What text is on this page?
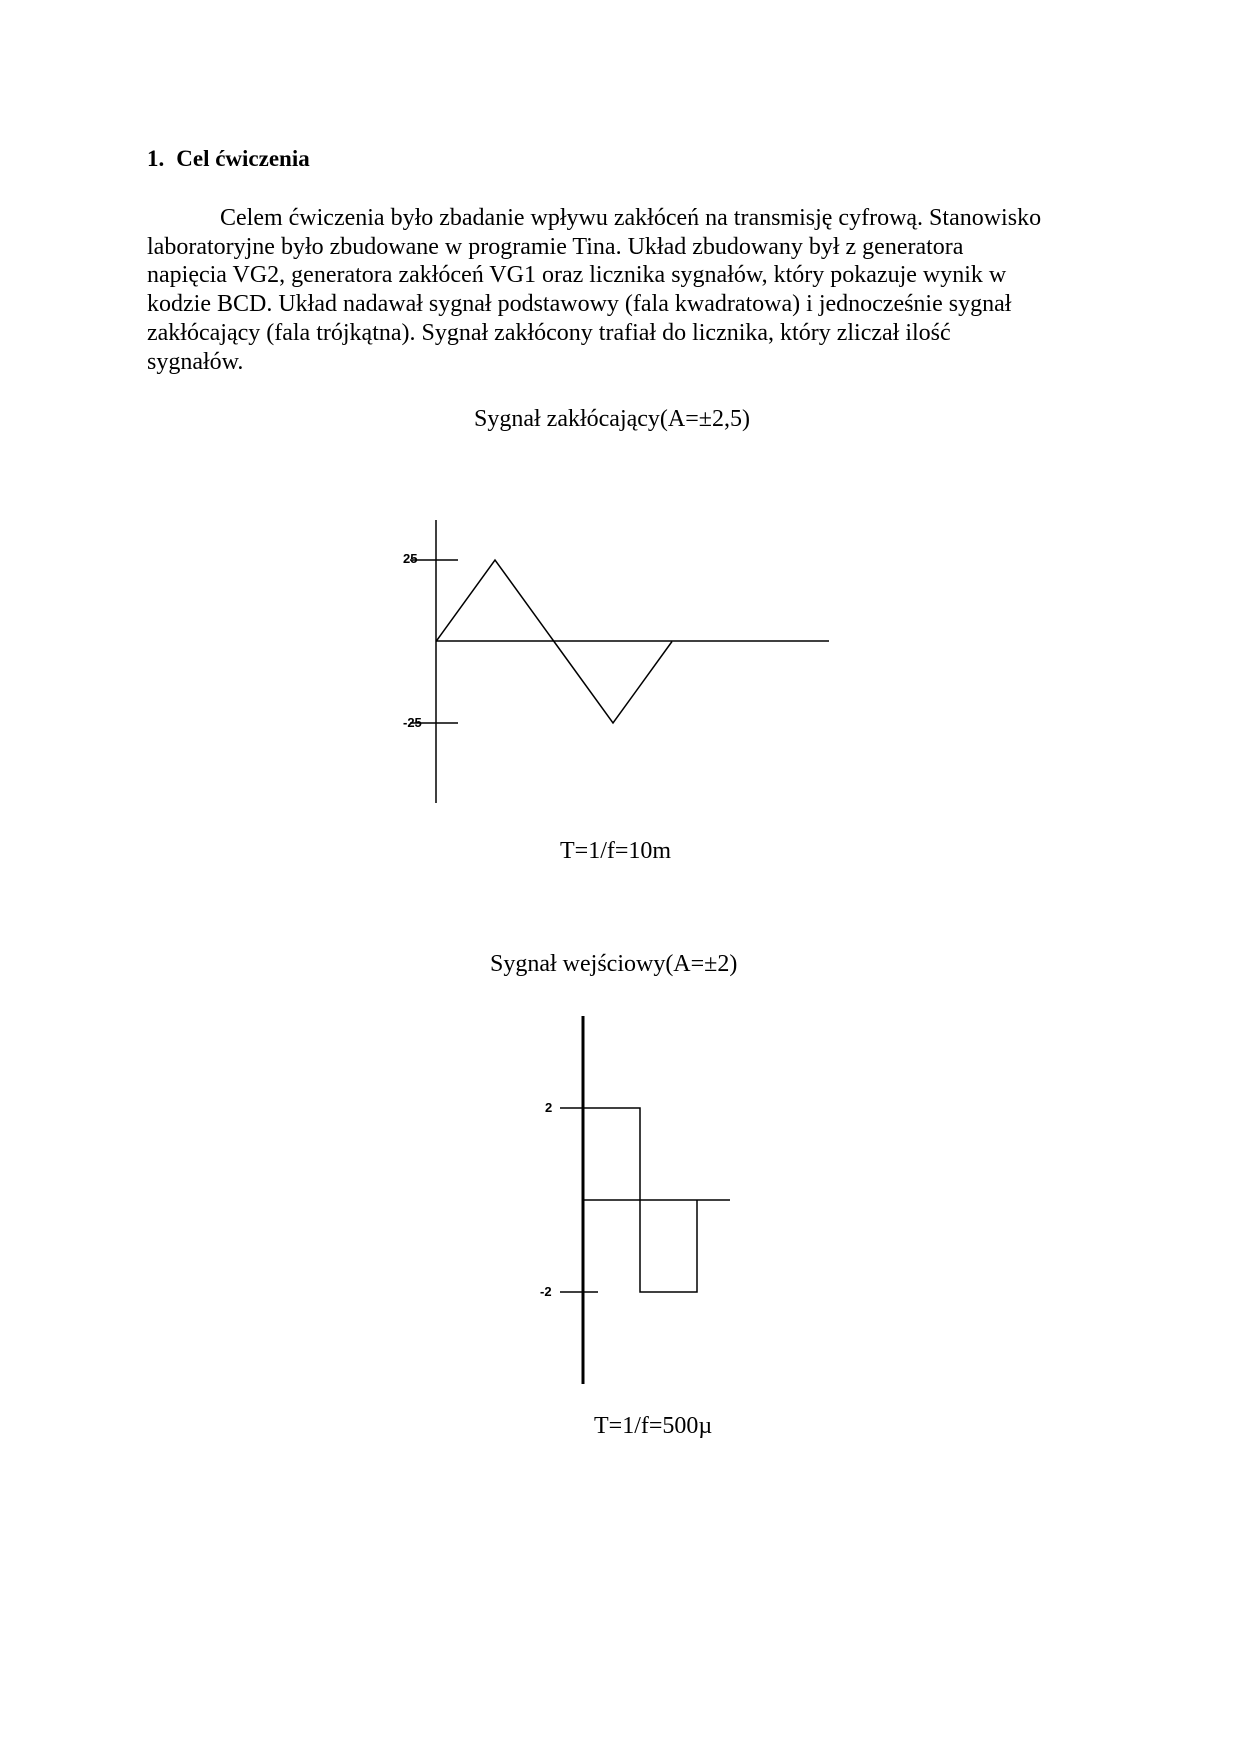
1. Cel ćwiczenia
Celem ćwiczenia było zbadanie wpływu zakłóceń na transmisję cyfrową. Stanowisko
laboratoryjne było zbudowane w programie Tina. Układ zbudowany był z generatora
napięcia VG2, generatora zakłóceń VG1 oraz licznika sygnałów, który pokazuje wynik w
kodzie BCD. Układ nadawał sygnał podstawowy (fala kwadratowa) i jednocześnie sygnał
zakłócający (fala trójkątna). Sygnał zakłócony trafiał do licznika, który zliczał ilość
sygnałów.
Sygnał zakłócający(A=±2,5)
25
-25
T=1/f=10m
Sygnał wejściowy(A=±2)
2
-2
T=1/f=500µ
